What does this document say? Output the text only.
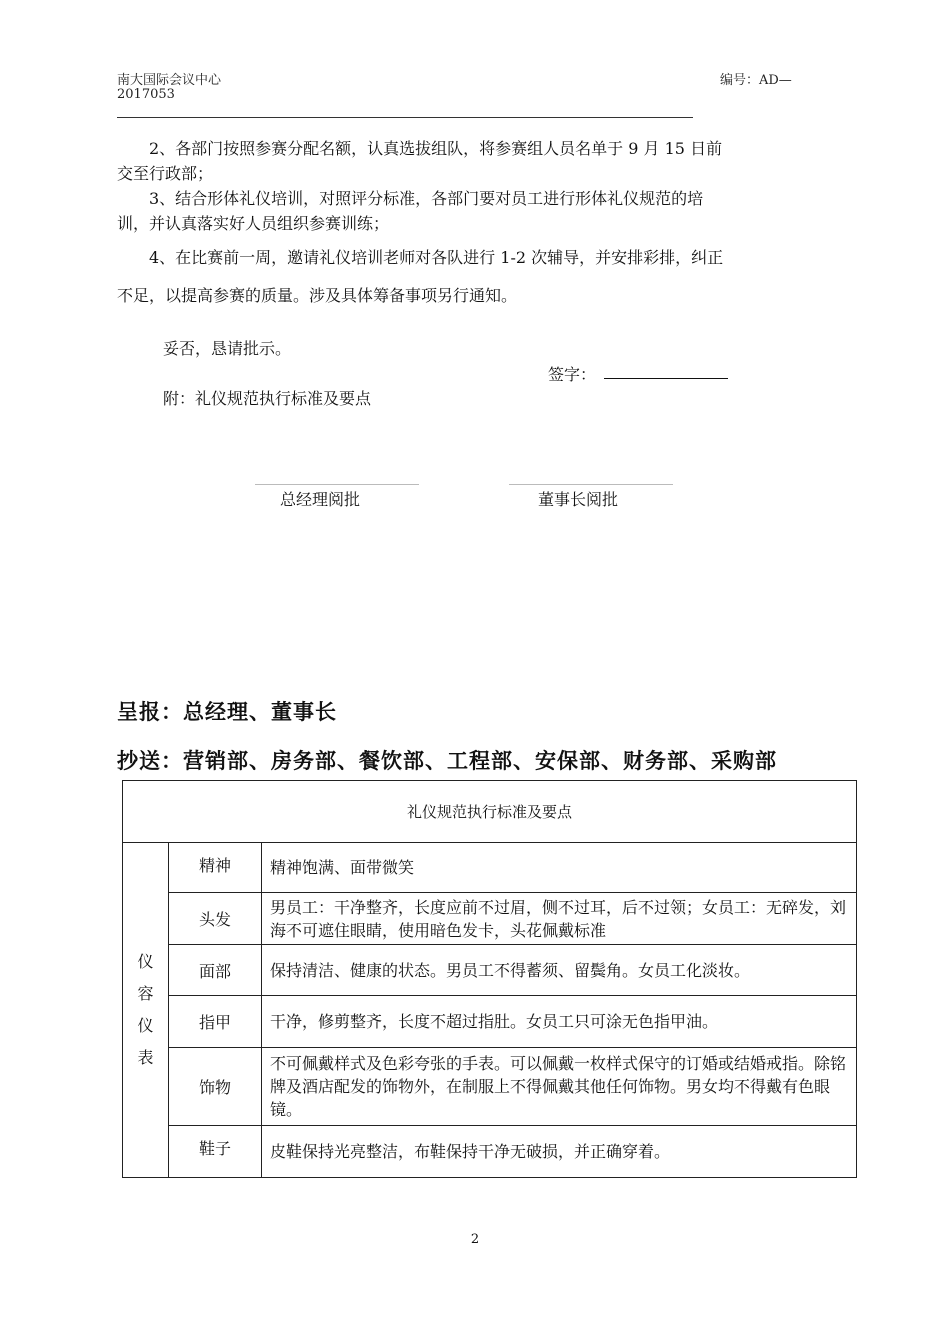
南大国际会议中心	编号：AD—
2017053
2、各部门按照参赛分配名额，认真选拔组队，将参赛组人员名单于 9 月 15 日前
交至行政部；
3、结合形体礼仪培训，对照评分标准，各部门要对员工进行形体礼仪规范的培
训，并认真落实好人员组织参赛训练；
4、在比赛前一周，邀请礼仪培训老师对各队进行 1-2 次辅导，并安排彩排，纠正
不足，以提高参赛的质量。涉及具体筹备事项另行通知。
妥否，恳请批示。
签字：
附：礼仪规范执行标准及要点
总经理阅批	董事长阅批
呈报：总经理、董事长
抄送：营销部、房务部、餐饮部、工程部、安保部、财务部、采购部
礼仪规范执行标准及要点		

仪
容
仪
表	精神	精神饱满、面带微笑
	头发	男员工：干净整齐，长度应前不过眉，侧不过耳，后不过领；女员工：无碎发，刘海不可遮住眼睛，使用暗色发卡，头花佩戴标准
	面部	保持清洁、健康的状态。男员工不得蓄须、留鬓角。女员工化淡妆。
	指甲	干净，修剪整齐，长度不超过指肚。女员工只可涂无色指甲油。
	饰物	不可佩戴样式及色彩夸张的手表。可以佩戴一枚样式保守的订婚或结婚戒指。除铭牌及酒店配发的饰物外，在制服上不得佩戴其他任何饰物。男女均不得戴有色眼镜。
	鞋子	皮鞋保持光亮整洁，布鞋保持干净无破损，并正确穿着。
2
